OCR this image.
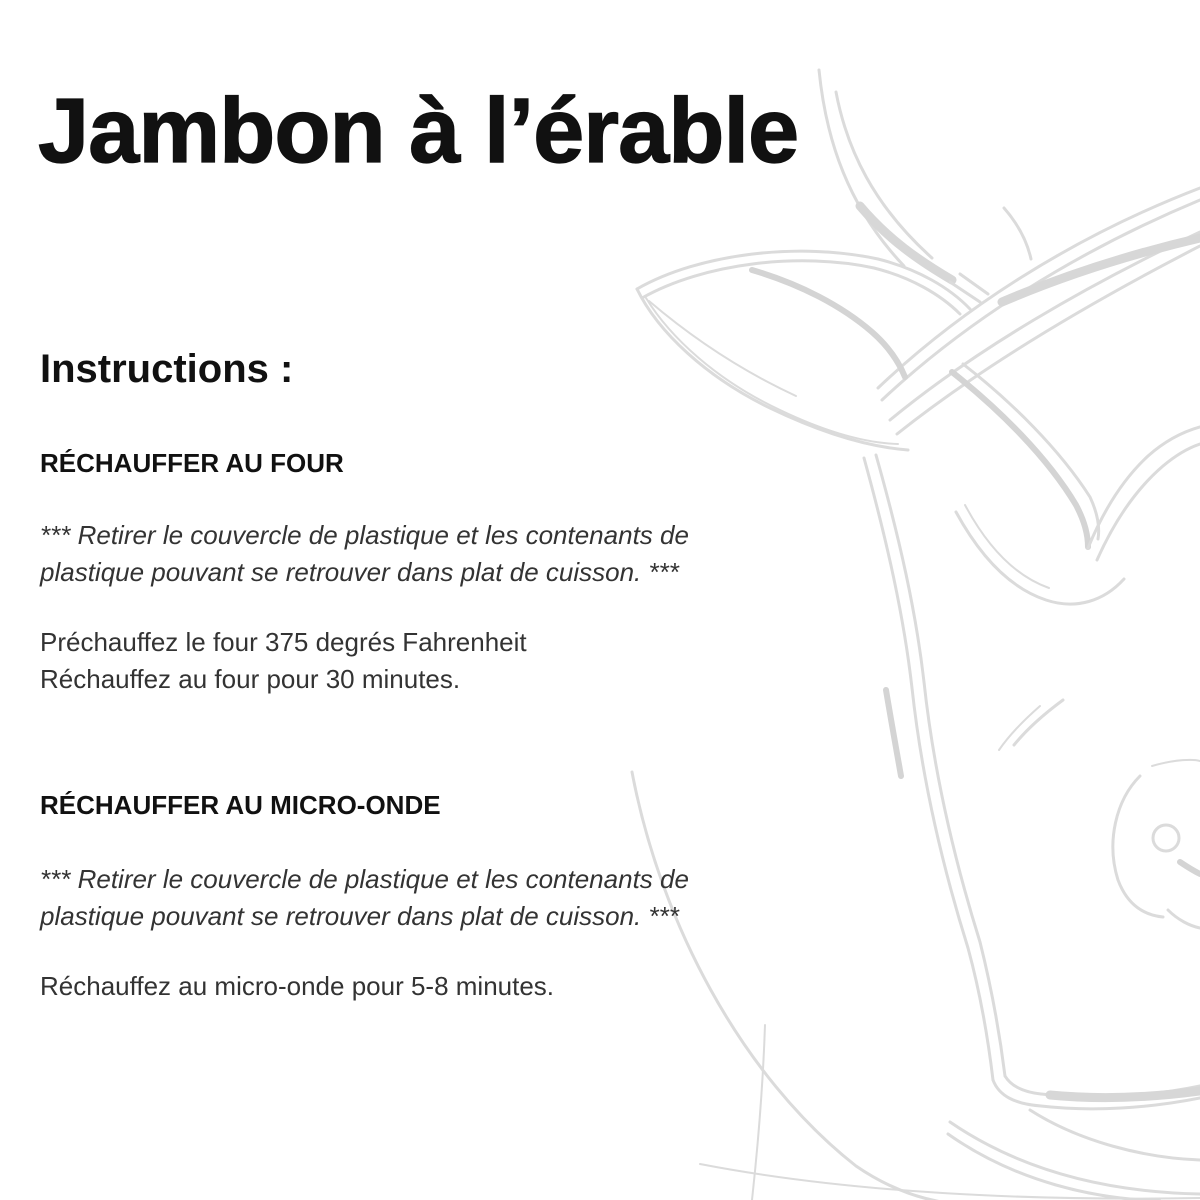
Jambon à l’érable
Instructions :
RÉCHAUFFER AU FOUR

*** Retirer le couvercle de plastique et les contenants de
plastique pouvant se retrouver dans plat de cuisson. ***

Préchauffez le four 375 degrés Fahrenheit
Réchauffez au four pour 30 minutes.

RÉCHAUFFER AU MICRO-ONDE

*** Retirer le couvercle de plastique et les contenants de
plastique pouvant se retrouver dans plat de cuisson. ***

Réchauffez au micro-onde pour 5-8 minutes.
